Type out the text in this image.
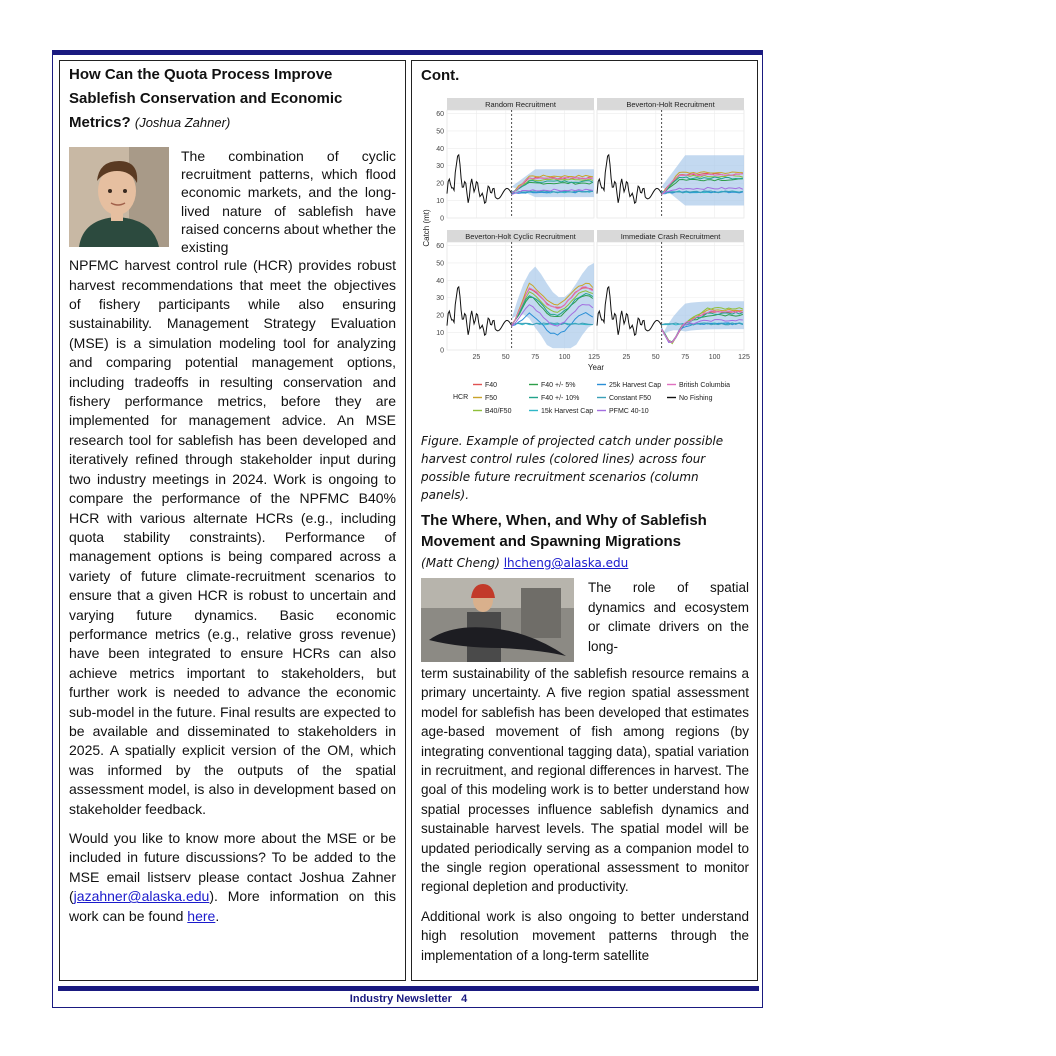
How Can the Quota Process Improve Sablefish Conservation and Economic Metrics? (Joshua Zahner)

The combination of cyclic recruitment patterns, which flood economic markets, and the long-lived nature of sablefish have raised concerns about whether the existing

NPFMC harvest control rule (HCR) provides robust harvest recommendations that meet the objectives of fishery participants while also ensuring sustainability. Management Strategy Evaluation (MSE) is a simulation modeling tool for analyzing and comparing potential management options, including tradeoffs in resulting conservation and fishery performance metrics, before they are implemented for management advice. An MSE research tool for sablefish has been developed and iteratively refined through stakeholder input during two industry meetings in 2024. Work is ongoing to compare the performance of the NPFMC B40% HCR with various alternate HCRs (e.g., including quota stability constraints). Performance of management options is being compared across a variety of future climate-recruitment scenarios to ensure that a given HCR is robust to uncertain and varying future dynamics. Basic economic performance metrics (e.g., relative gross revenue) have been integrated to ensure HCRs can also achieve metrics important to stakeholders, but further work is needed to advance the economic sub-model in the future. Final results are expected to be available and disseminated to stakeholders in 2025. A spatially explicit version of the OM, which was informed by the outputs of the spatial assessment model, is also in development based on stakeholder feedback.

Would you like to know more about the MSE or be included in future discussions? To be added to the MSE email listserv please contact Joshua Zahner (jazahner@alaska.edu). More information on this work can be found here.

Cont.

Random Recruitment
0
10
20
30
40
50
60
Beverton-Holt Recruitment
Beverton-Holt Cyclic Recruitment
0
10
20
30
40
50
60
25	50	75	100	125
Immediate Crash Recruitment
25	50	75	100	125
Catch (mt)
Year
HCR
F40
F50
B40/F50
F40 +/- 5%
F40 +/- 10%
15k Harvest Cap
25k Harvest Cap
Constant F50
PFMC 40-10
British Columbia
No Fishing

Figure. Example of projected catch under possible harvest control rules (colored lines) across four possible future recruitment scenarios (column panels).

The Where, When, and Why of Sablefish Movement and Spawning Migrations

(Matt Cheng) lhcheng@alaska.edu

The role of spatial dynamics and ecosystem or climate drivers on the long-

term sustainability of the sablefish resource remains a primary uncertainty. A five region spatial assessment model for sablefish has been developed that estimates age-based movement of fish among regions (by integrating conventional tagging data), spatial variation in recruitment, and regional differences in harvest. The goal of this modeling work is to better understand how spatial processes influence sablefish dynamics and sustainable harvest levels. The spatial model will be updated periodically serving as a companion model to the single region operational assessment to monitor regional depletion and productivity.

Additional work is also ongoing to better understand high resolution movement patterns through the implementation of a long-term satellite

Industry Newsletter 4
